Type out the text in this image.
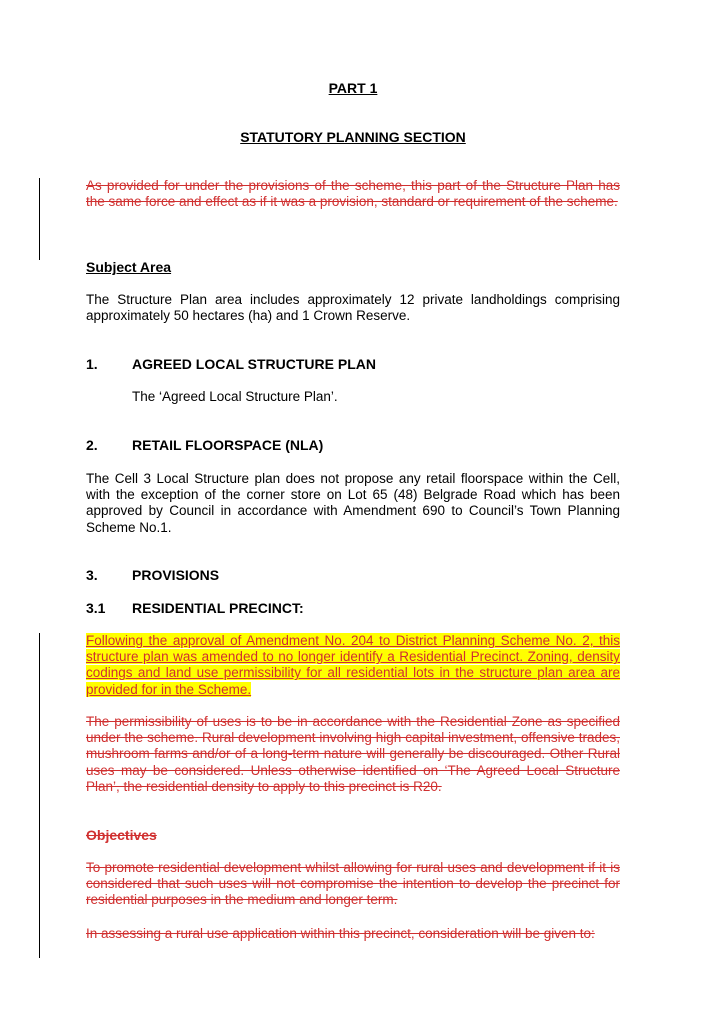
PART 1
STATUTORY PLANNING SECTION
As provided for under the provisions of the scheme, this part of the Structure Plan has the same force and effect as if it was a provision, standard or requirement of the scheme.
Subject Area
The Structure Plan area includes approximately 12 private landholdings comprising approximately 50 hectares (ha) and 1 Crown Reserve.
1. AGREED LOCAL STRUCTURE PLAN
The ‘Agreed Local Structure Plan’.
2. RETAIL FLOORSPACE (NLA)
The Cell 3 Local Structure plan does not propose any retail floorspace within the Cell, with the exception of the corner store on Lot 65 (48) Belgrade Road which has been approved by Council in accordance with Amendment 690 to Council’s Town Planning Scheme No.1.
3. PROVISIONS
3.1 RESIDENTIAL PRECINCT:
Following the approval of Amendment No. 204 to District Planning Scheme No. 2, this structure plan was amended to no longer identify a Residential Precinct. Zoning, density codings and land use permissibility for all residential lots in the structure plan area are provided for in the Scheme.
The permissibility of uses is to be in accordance with the Residential Zone as specified under the scheme. Rural development involving high capital investment, offensive trades, mushroom farms and/or of a long-term nature will generally be discouraged. Other Rural uses may be considered. Unless otherwise identified on ‘The Agreed Local Structure Plan’, the residential density to apply to this precinct is R20.
Objectives
To promote residential development whilst allowing for rural uses and development if it is considered that such uses will not compromise the intention to develop the precinct for residential purposes in the medium and longer term.
In assessing a rural use application within this precinct, consideration will be given to:
